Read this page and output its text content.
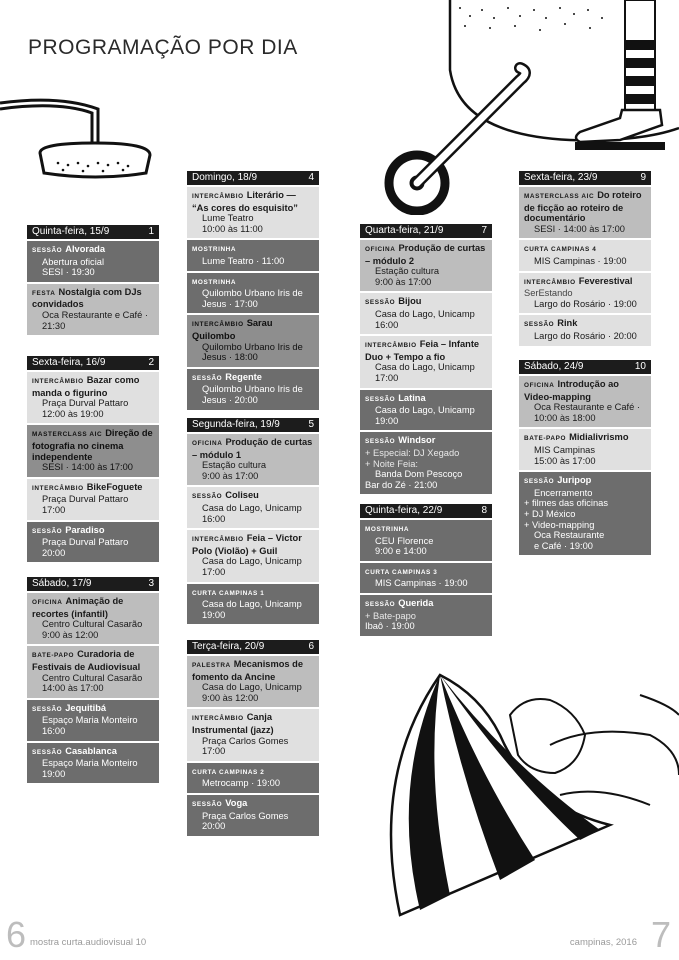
PROGRAMAÇÃO POR DIA
Quinta-feira, 15/9	1
SESSÃO Alvorada
Abertura oficial
SESI · 19:30
FESTA Nostalgia com DJs convidados
Oca Restaurante e Café · 21:30
Sexta-feira, 16/9	2
INTERCÂMBIO Bazar como manda o figurino
Praça Durval Pattaro
12:00 às 19:00
MASTERCLASS AIC Direção de fotografia no cinema independente
SESI · 14:00 às 17:00
INTERCÂMBIO BikeFoguete
Praça Durval Pattaro
17:00
SESSÃO Paradiso
Praça Durval Pattaro
20:00
Sábado, 17/9	3
OFICINA Animação de recortes (infantil)
Centro Cultural Casarão
9:00 às 12:00
BATE-PAPO Curadoria de Festivais de Audiovisual
Centro Cultural Casarão
14:00 às 17:00
SESSÃO Jequitibá
Espaço Maria Monteiro
16:00
SESSÃO Casablanca
Espaço Maria Monteiro
19:00
Domingo, 18/9	4
INTERCÂMBIO Literário — “As cores do esquisito”
Lume Teatro
10:00 às 11:00
MOSTRINHA
Lume Teatro · 11:00
MOSTRINHA
Quilombo Urbano Iris de Jesus · 17:00
INTERCÂMBIO Sarau Quilombo
Quilombo Urbano Iris de Jesus · 18:00
SESSÃO Regente
Quilombo Urbano Iris de Jesus · 20:00
Segunda-feira, 19/9	5
OFICINA Produção de curtas – módulo 1
Estação cultura
9:00 às 17:00
SESSÃO Coliseu
Casa do Lago, Unicamp
16:00
INTERCÂMBIO Feia – Victor Polo (Violão) + Guil
Casa do Lago, Unicamp
17:00
CURTA CAMPINAS 1
Casa do Lago, Unicamp
19:00
Terça-feira, 20/9	6
PALESTRA Mecanismos de fomento da Ancine
Casa do Lago, Unicamp
9:00 às 12:00
INTERCÂMBIO Canja Instrumental (jazz)
Praça Carlos Gomes
17:00
CURTA CAMPINAS 2
Metrocamp · 19:00
SESSÃO Voga
Praça Carlos Gomes
20:00
Quarta-feira, 21/9	7
OFICINA Produção de curtas – módulo 2
Estação cultura
9:00 às 17:00
SESSÃO Bijou
Casa do Lago, Unicamp
16:00
INTERCÂMBIO Feia – Infante Duo + Tempo a fio
Casa do Lago, Unicamp
17:00
SESSÃO Latina
Casa do Lago, Unicamp
19:00
SESSÃO Windsor
+ Especial: DJ Xegado
+ Noite Feia:
Banda Dom Pescoço
Bar do Zé · 21:00
Quinta-feira, 22/9	8
MOSTRINHA
CEU Florence
9:00 e 14:00
CURTA CAMPINAS 3
MIS Campinas · 19:00
SESSÃO Querida
+ Bate-papo
Ibaô · 19:00
Sexta-feira, 23/9	9
MASTERCLASS AIC Do roteiro de ficção ao roteiro de documentário
SESI · 14:00 às 17:00
CURTA CAMPINAS 4
MIS Campinas · 19:00
INTERCÂMBIO Feverestival
SerEstando
Largo do Rosário · 19:00
SESSÃO Rink
Largo do Rosário · 20:00
Sábado, 24/9	10
OFICINA Introdução ao Video-mapping
Oca Restaurante e Café · 10:00 às 18:00
BATE-PAPO Midialivrismo
MIS Campinas
15:00 às 17:00
SESSÃO Juripop
Encerramento
+ filmes das oficinas
+ DJ México
+ Video-mapping
Oca Restaurante
e Café · 19:00
6 mostra curta.audiovisual 10	campinas, 2016 7
